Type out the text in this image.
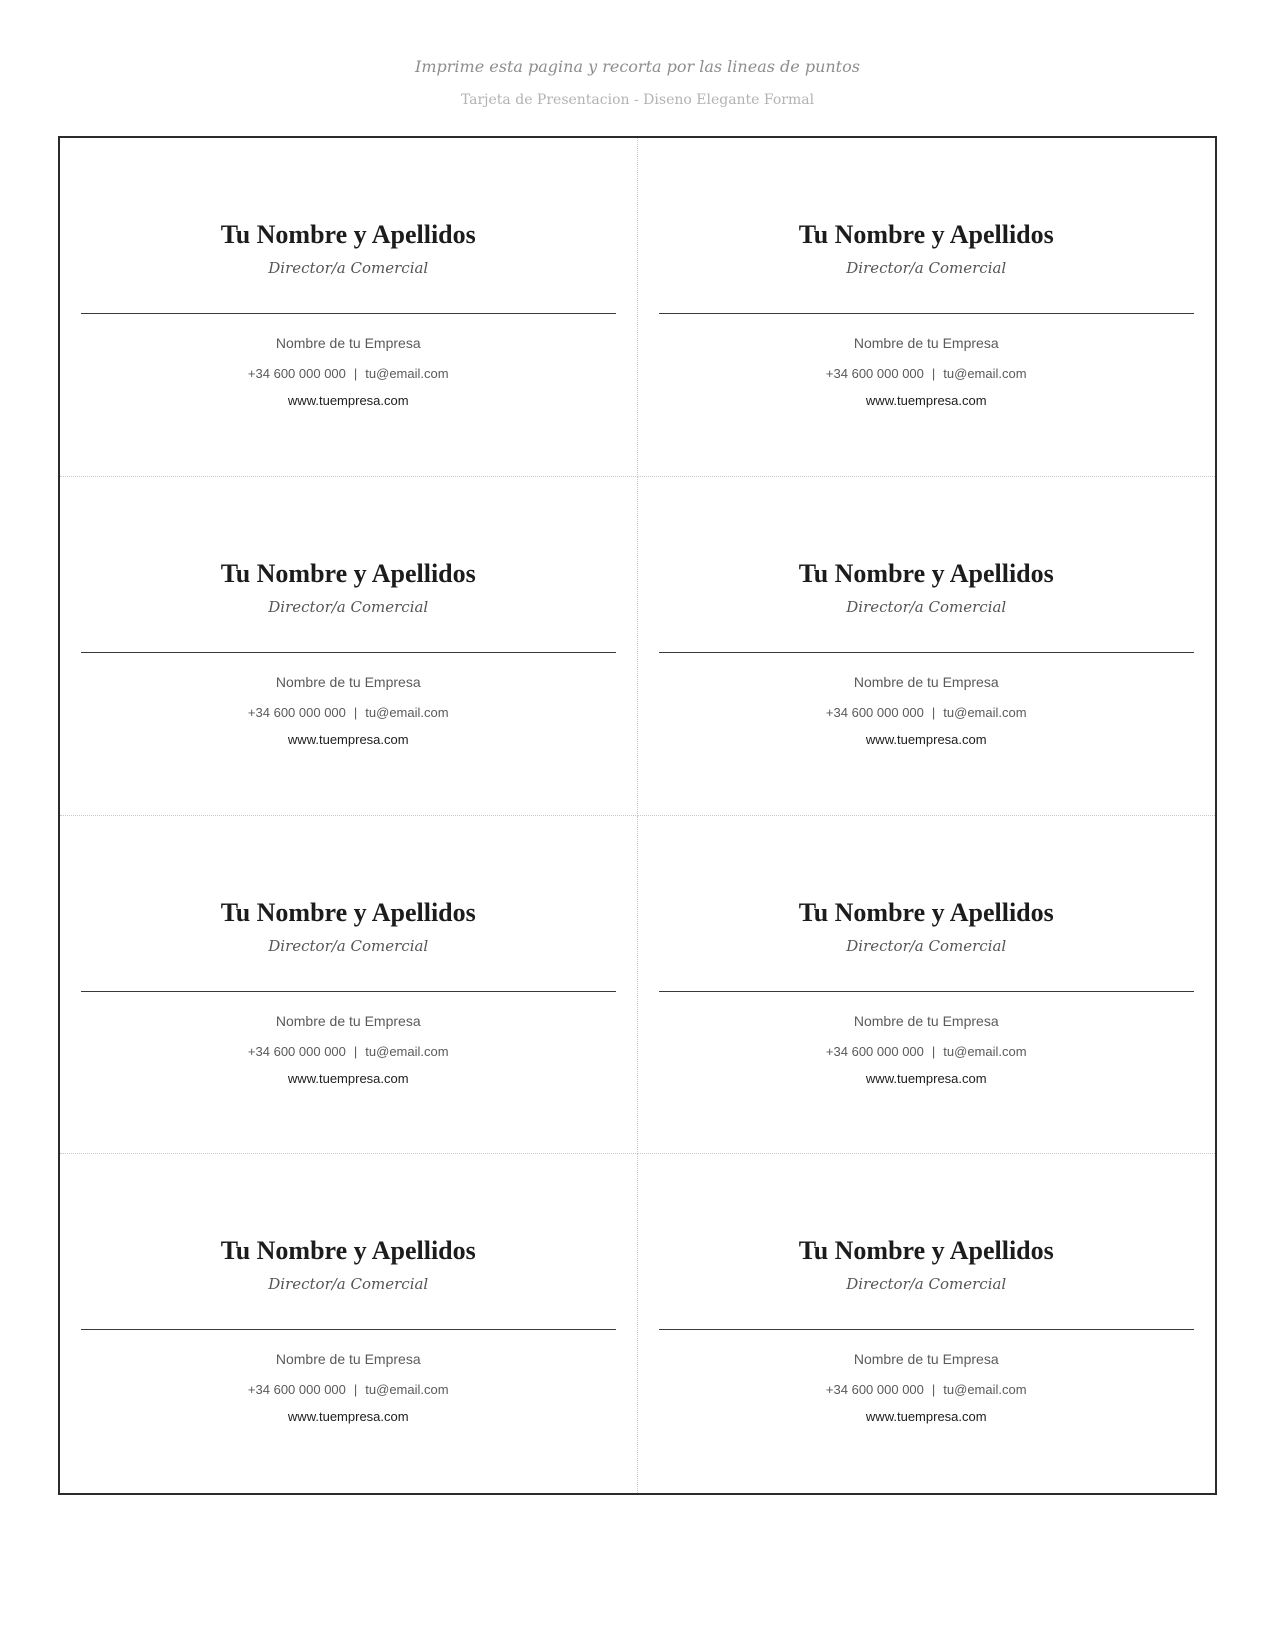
Imprime esta pagina y recorta por las lineas de puntos
Tarjeta de Presentacion - Diseno Elegante Formal
Tu Nombre y Apellidos
Director/a Comercial
Nombre de tu Empresa
+34 600 000 000 | tu@email.com
www.tuempresa.com
Tu Nombre y Apellidos
Director/a Comercial
Nombre de tu Empresa
+34 600 000 000 | tu@email.com
www.tuempresa.com
Tu Nombre y Apellidos
Director/a Comercial
Nombre de tu Empresa
+34 600 000 000 | tu@email.com
www.tuempresa.com
Tu Nombre y Apellidos
Director/a Comercial
Nombre de tu Empresa
+34 600 000 000 | tu@email.com
www.tuempresa.com
Tu Nombre y Apellidos
Director/a Comercial
Nombre de tu Empresa
+34 600 000 000 | tu@email.com
www.tuempresa.com
Tu Nombre y Apellidos
Director/a Comercial
Nombre de tu Empresa
+34 600 000 000 | tu@email.com
www.tuempresa.com
Tu Nombre y Apellidos
Director/a Comercial
Nombre de tu Empresa
+34 600 000 000 | tu@email.com
www.tuempresa.com
Tu Nombre y Apellidos
Director/a Comercial
Nombre de tu Empresa
+34 600 000 000 | tu@email.com
www.tuempresa.com
